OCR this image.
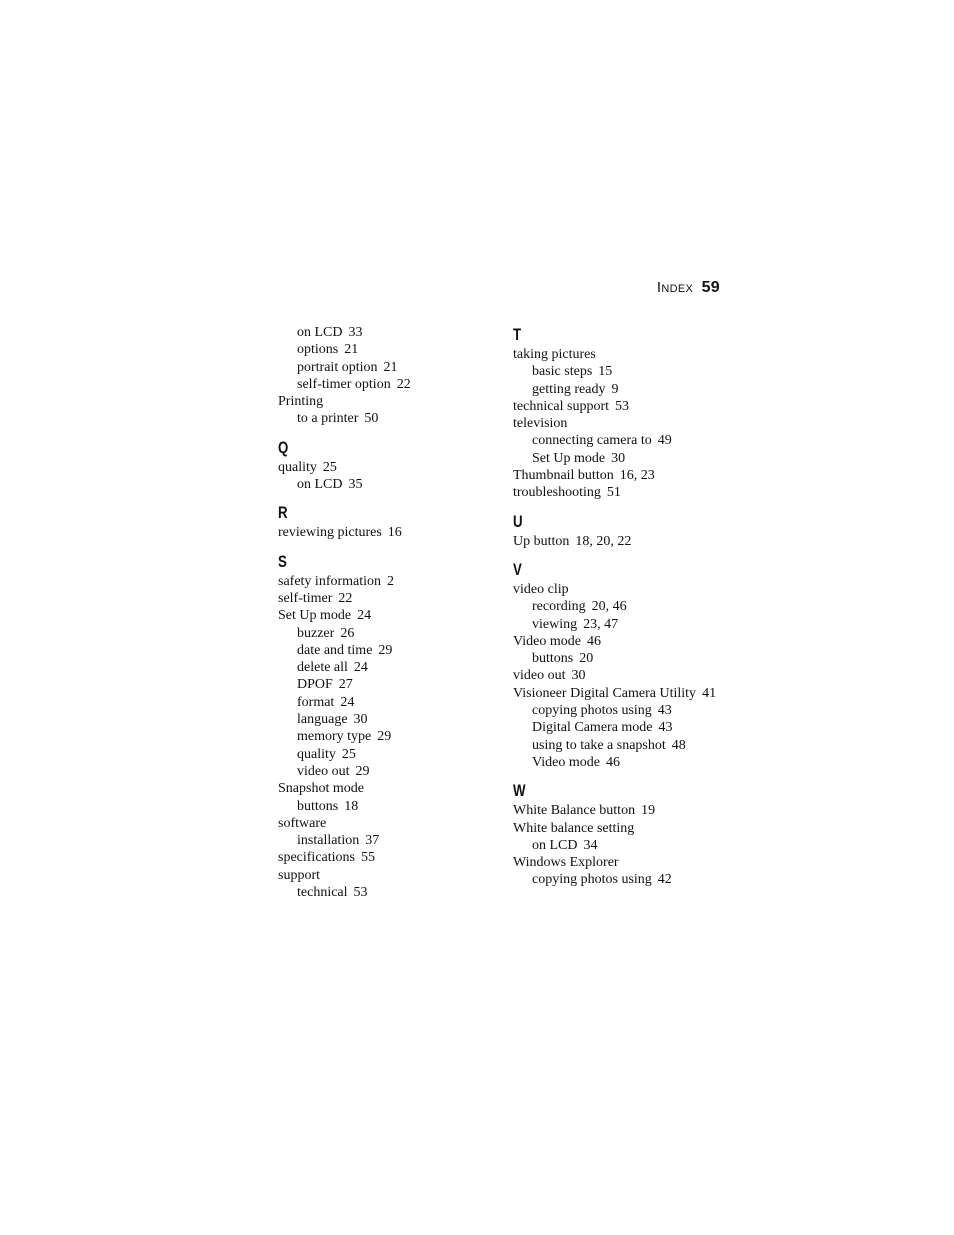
Index 59
on LCD 33
options 21
portrait option 21
self-timer option 22
Printing
to a printer 50
Q
quality 25
on LCD 35
R
reviewing pictures 16
S
safety information 2
self-timer 22
Set Up mode 24
buzzer 26
date and time 29
delete all 24
DPOF 27
format 24
language 30
memory type 29
quality 25
video out 29
Snapshot mode
buttons 18
software
installation 37
specifications 55
support
technical 53
T
taking pictures
basic steps 15
getting ready 9
technical support 53
television
connecting camera to 49
Set Up mode 30
Thumbnail button 16, 23
troubleshooting 51
U
Up button 18, 20, 22
V
video clip
recording 20, 46
viewing 23, 47
Video mode 46
buttons 20
video out 30
Visioneer Digital Camera Utility 41
copying photos using 43
Digital Camera mode 43
using to take a snapshot 48
Video mode 46
W
White Balance button 19
White balance setting
on LCD 34
Windows Explorer
copying photos using 42
